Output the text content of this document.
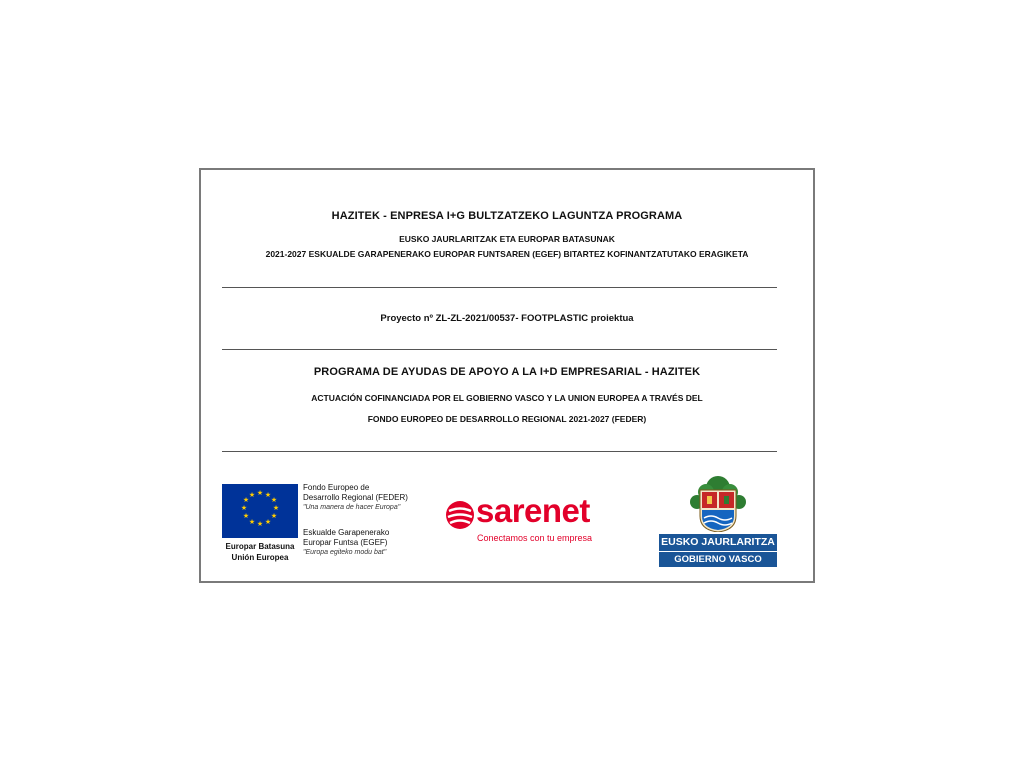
HAZITEK - ENPRESA I+G BULTZATZEKO LAGUNTZA PROGRAMA
EUSKO JAURLARITZAK ETA EUROPAR BATASUNAK
2021-2027 ESKUALDE GARAPENERAKO EUROPAR FUNTSAREN (EGEF) BITARTEZ KOFINANTZATUTAKO ERAGIKETA
Proyecto nº ZL-ZL-2021/00537- FOOTPLASTIC proiektua
PROGRAMA DE AYUDAS DE APOYO A LA I+D EMPRESARIAL - HAZITEK
ACTUACIÓN COFINANCIADA POR EL GOBIERNO VASCO Y LA UNION EUROPEA A TRAVÉS DEL
FONDO EUROPEO DE DESARROLLO REGIONAL 2021-2027 (FEDER)
★ ★
★
★
★
★
★
★
★
★
★
★
Europar Batasuna
Unión Europea
Fondo Europeo de
Desarrollo Regional (FEDER)
"Una manera de hacer Europa"
Eskualde Garapenerako
Europar Funtsa (EGEF)
"Europa egiteko modu bat"
sarenet
Conectamos con tu empresa	EUSKO JAURLARITZA
GOBIERNO VASCO
